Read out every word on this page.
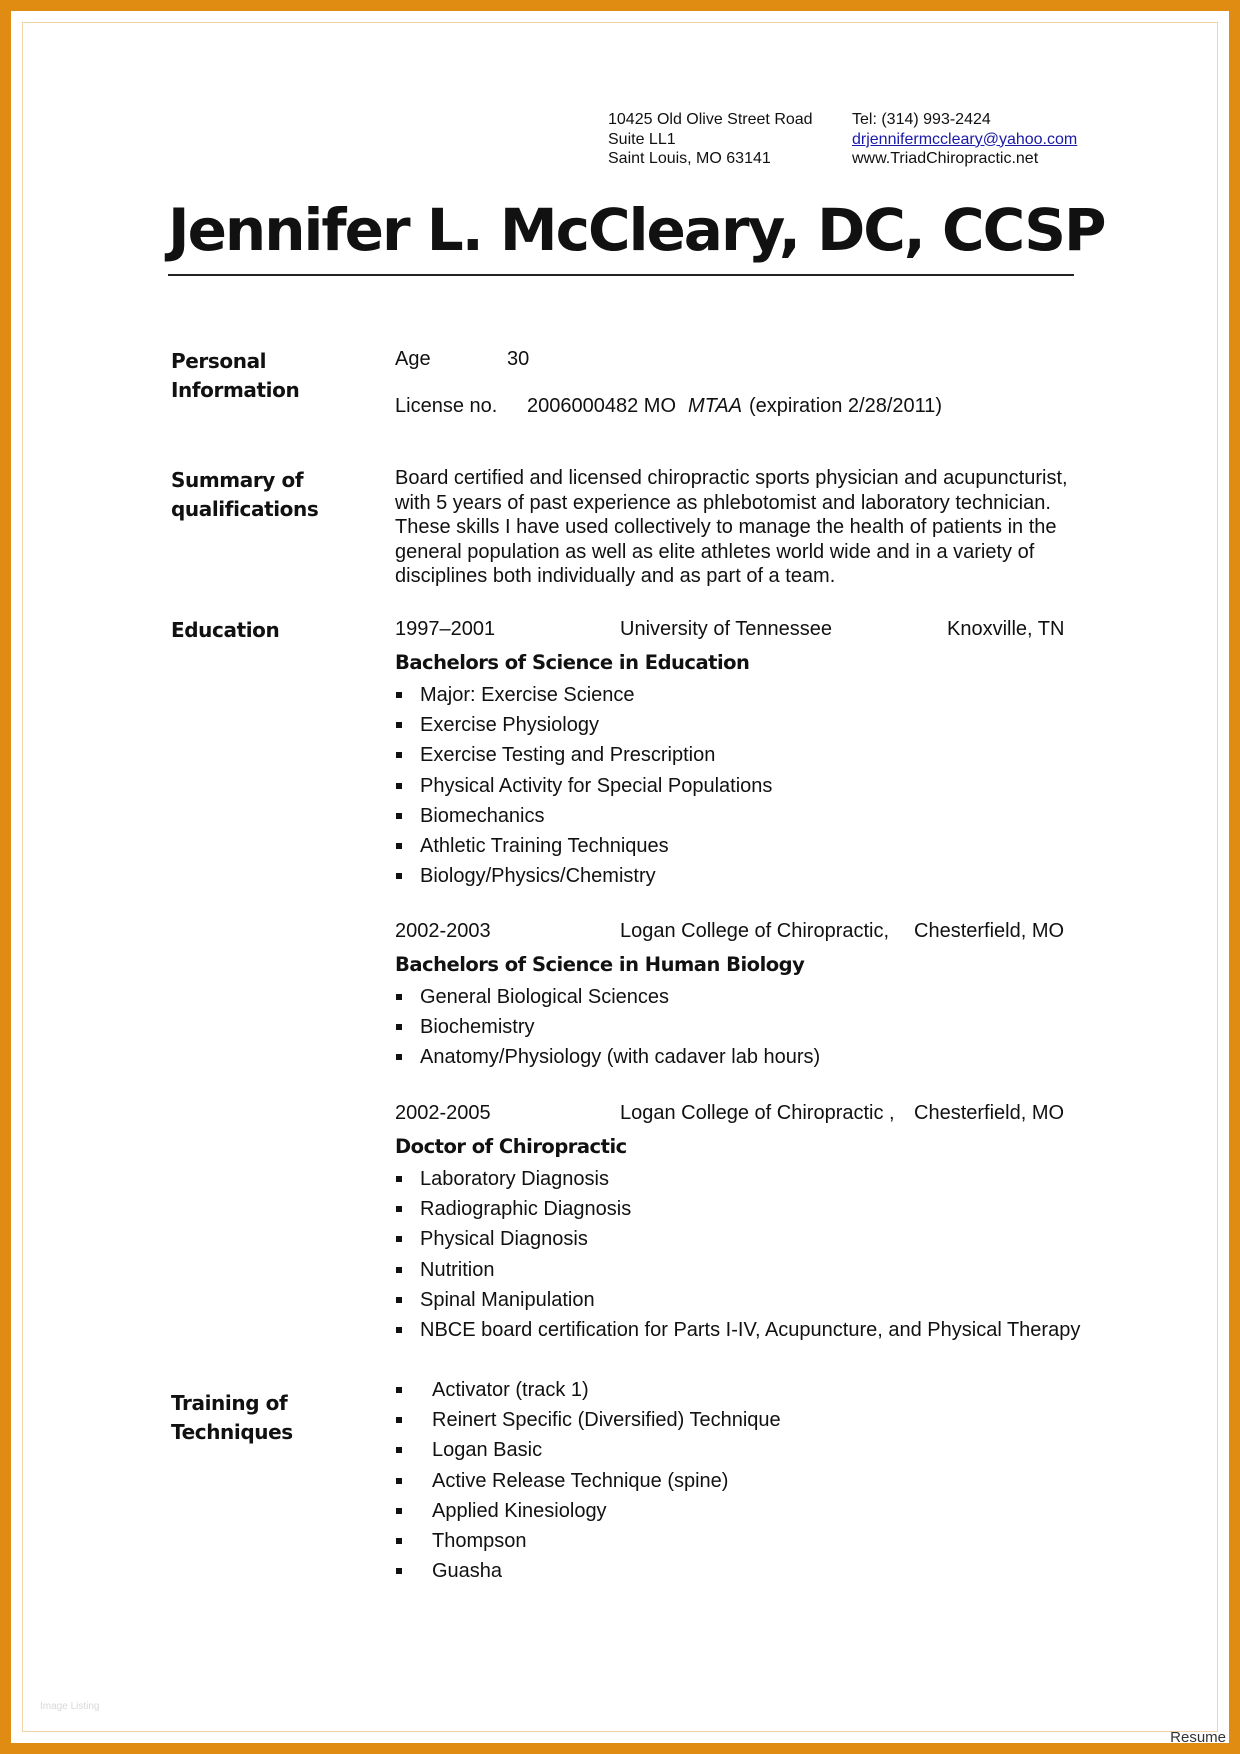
10425 Old Olive Street Road
Suite LL1
Saint Louis, MO 63141
Tel: (314) 993-2424
drjennifermccleary@yahoo.com
www.TriadChiropractic.net
Jennifer L. McCleary, DC, CCSP
Personal
Information
Age	30
License no. 2006000482 MO MTAA (expiration 2/28/2011)
Summary of
qualifications
Board certified and licensed chiropractic sports physician and acupuncturist,
with 5 years of past experience as phlebotomist and laboratory technician.
These skills I have used collectively to manage the health of patients in the
general population as well as elite athletes world wide and in a variety of
disciplines both individually and as part of a team.
Education	1997–2001	University of Tennessee	Knoxville, TN
Bachelors of Science in Education
Major: Exercise Science
Exercise Physiology
Exercise Testing and Prescription
Physical Activity for Special Populations
Biomechanics
Athletic Training Techniques
Biology/Physics/Chemistry
2002-2003	Logan College of Chiropractic, Chesterfield, MO
Bachelors of Science in Human Biology
General Biological Sciences
Biochemistry
Anatomy/Physiology (with cadaver lab hours)
2002-2005	Logan College of Chiropractic , Chesterfield, MO
Doctor of Chiropractic
Laboratory Diagnosis
Radiographic Diagnosis
Physical Diagnosis
Nutrition
Spinal Manipulation
NBCE board certification for Parts I-IV, Acupuncture, and Physical Therapy
Training of
Techniques
Activator (track 1)
Reinert Specific (Diversified) Technique
Logan Basic
Active Release Technique (spine)
Applied Kinesiology
Thompson
Guasha
Image Listing
Resume
